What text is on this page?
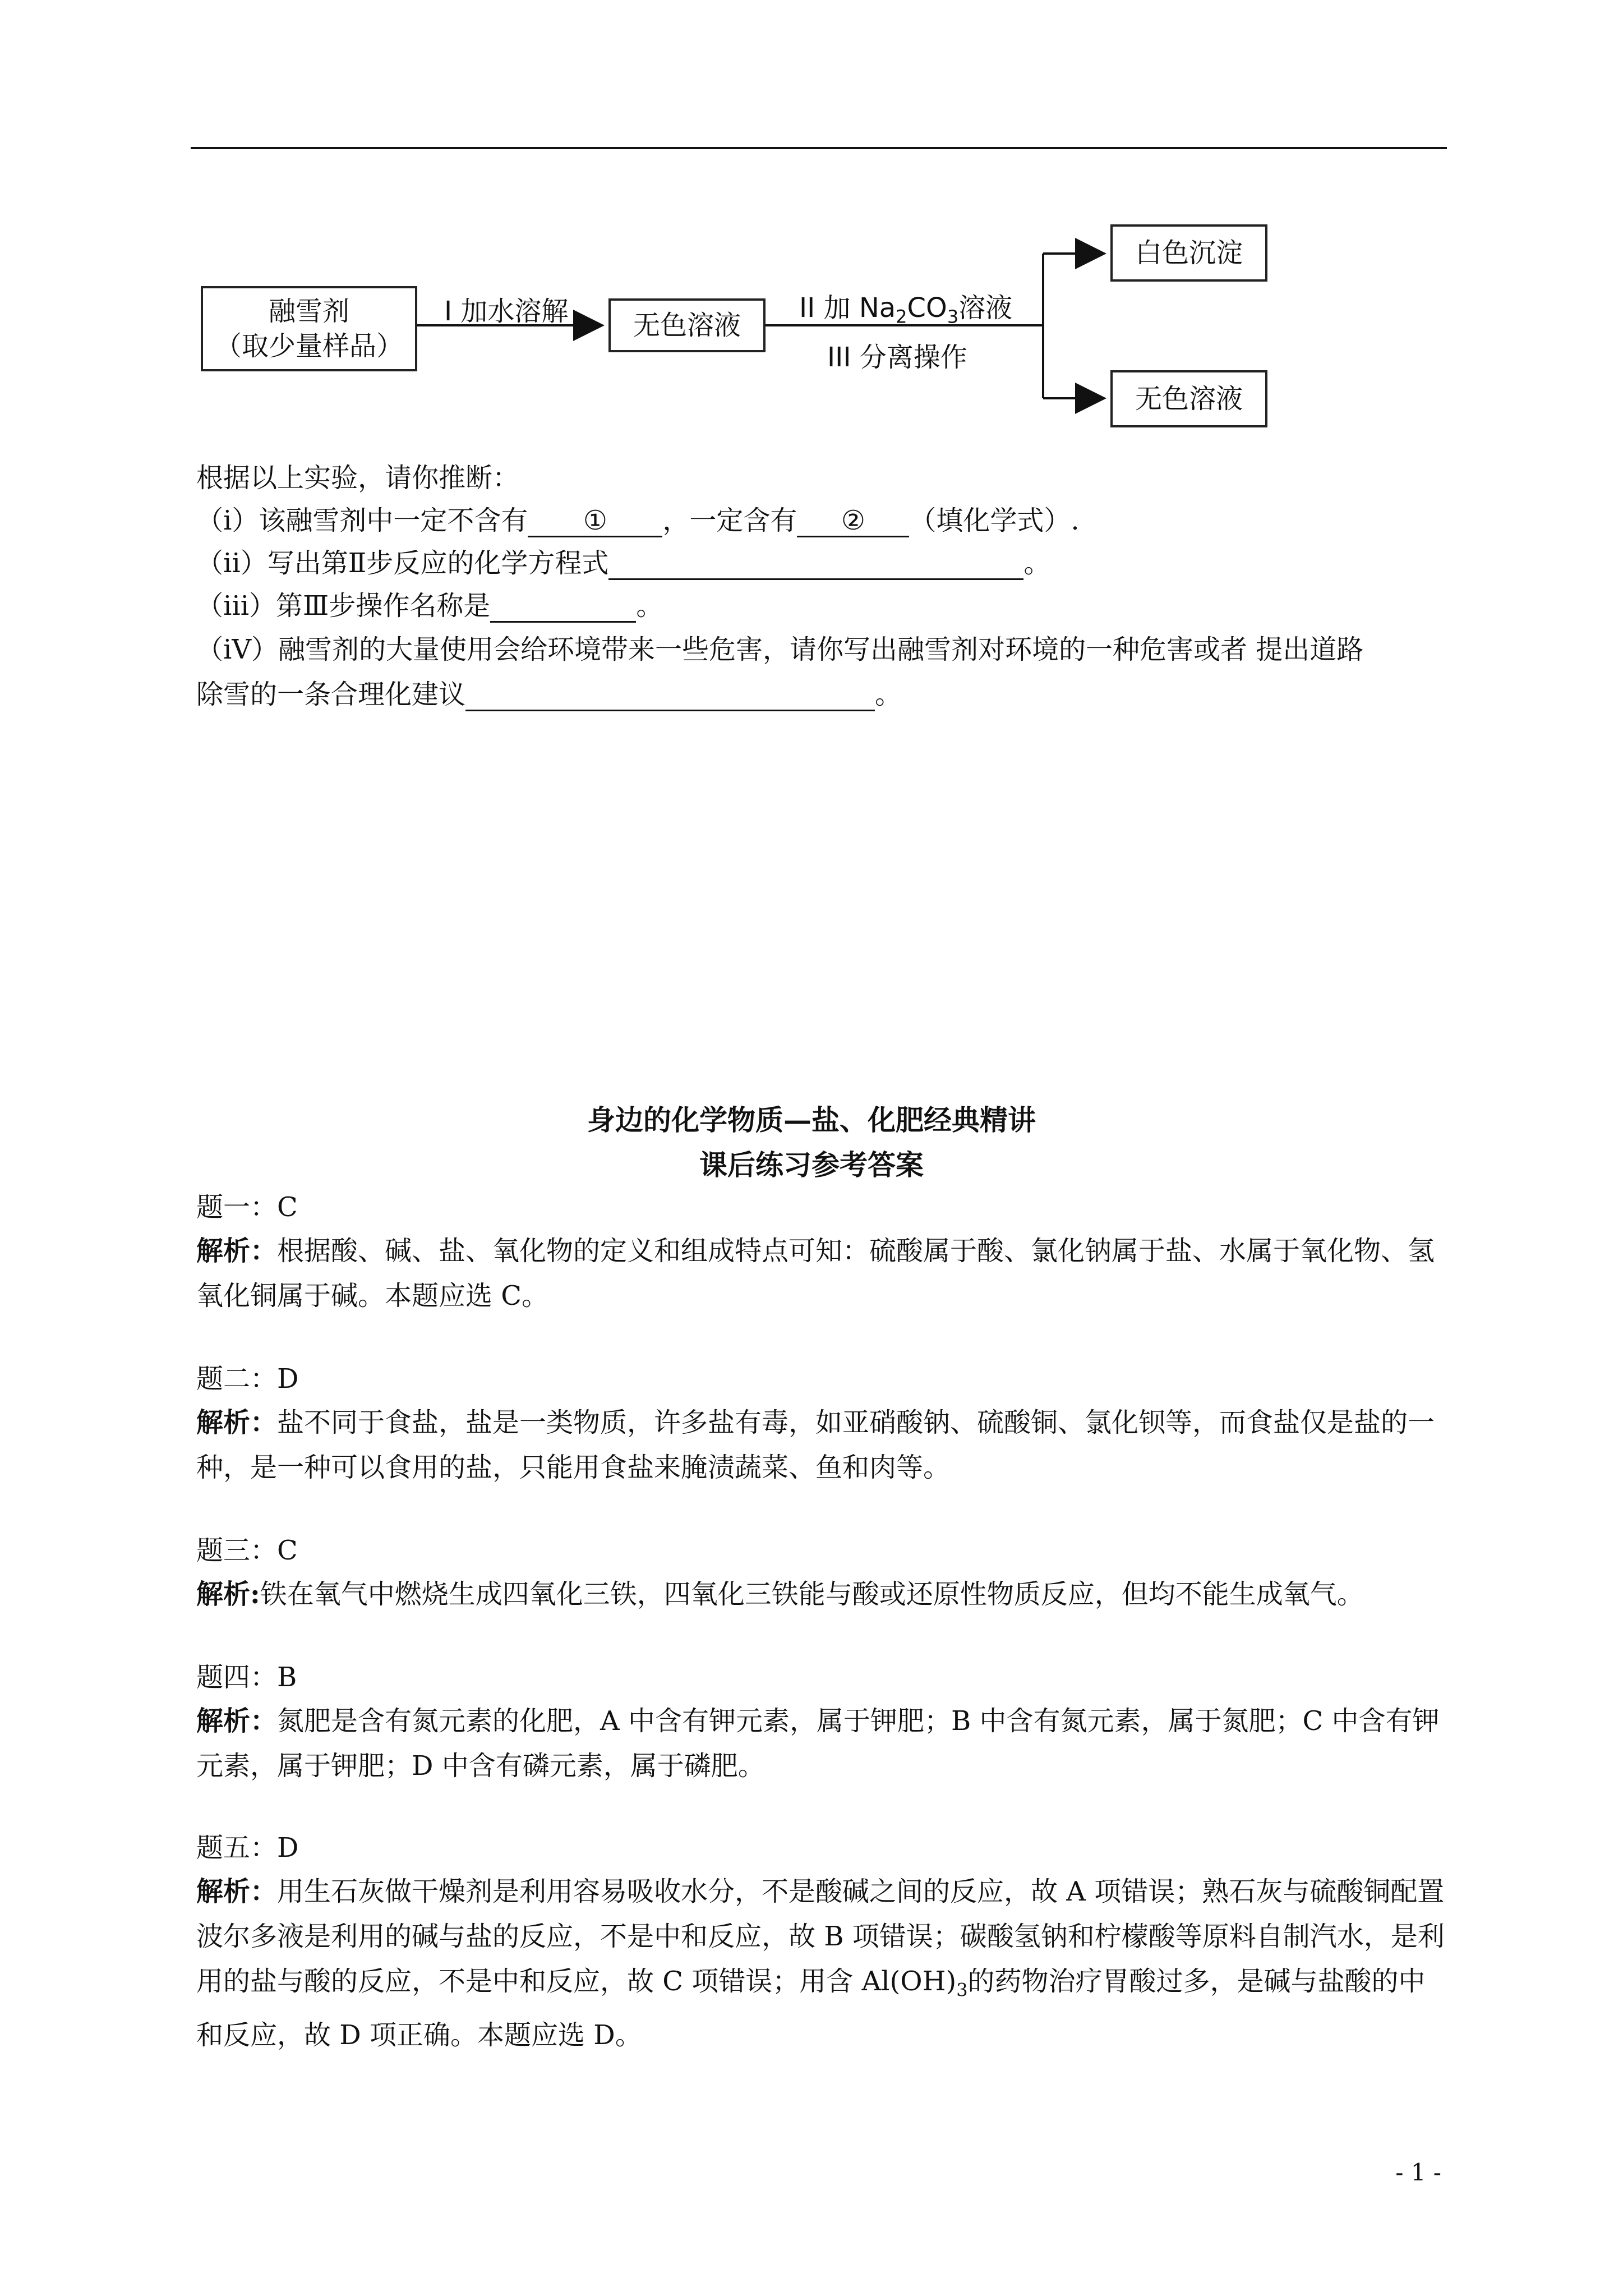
融雪剂
（取少量样品）
I 加水溶解 无色溶液
II 加 $Na_2CO_3$溶液
III 分离操作
白色沉淀
无色溶液
根据以上实验，请你推断：
（i）该融雪剂中一定不含有 ① ，一定含有 ② （填化学式）.
（ii）写出第Ⅱ步反应的化学方程式	。
（iii）第Ⅲ步操作名称是	。
（iV）融雪剂的大量使用会给环境带来一些危害，请你写出融雪剂对环境的一种危害或者 提出道路
除雪的一条合理化建议	。
身边的化学物质—盐、化肥经典精讲
课后练习参考答案
题一：C
解析：根据酸、碱、盐、氧化物的定义和组成特点可知：硫酸属于酸、氯化钠属于盐、水属于氧化物、氢氧化铜属于碱。本题应选 C。
题二：D
解析：盐不同于食盐，盐是一类物质，许多盐有毒，如亚硝酸钠、硫酸铜、氯化钡等，而食盐仅是盐的一种，是一种可以食用的盐，只能用食盐来腌渍蔬菜、鱼和肉等。
题三：C
解析:铁在氧气中燃烧生成四氧化三铁，四氧化三铁能与酸或还原性物质反应，但均不能生成氧气。
题四：B
解析：氮肥是含有氮元素的化肥，A 中含有钾元素，属于钾肥；B 中含有氮元素，属于氮肥；C 中含有钾元素，属于钾肥；D 中含有磷元素，属于磷肥。
题五：D
解析：用生石灰做干燥剂是利用容易吸收水分，不是酸碱之间的反应，故 A 项错误；熟石灰与硫酸铜配置波尔多液是利用的碱与盐的反应，不是中和反应，故 B 项错误；碳酸氢钠和柠檬酸等原料自制汽水，是利用的盐与酸的反应，不是中和反应，故 C 项错误；用含 $Al(OH)_3$的药物治疗胃酸过多，是碱与盐酸的中和反应，故 D 项正确。本题应选 D。
- 1 -
